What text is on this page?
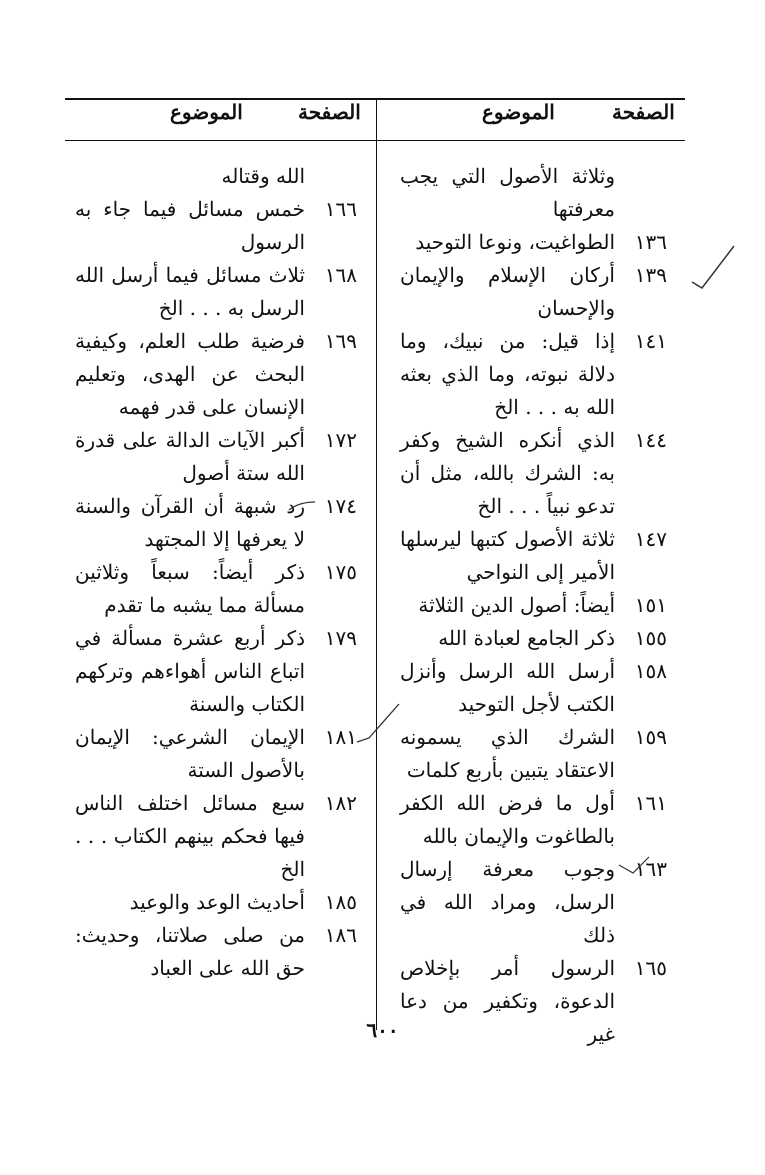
الصفحة
الموضوع
الصفحة
الموضوع
وثلاثة الأصول التي يجب معرفتها
١٣٦
الطواغيت، ونوعا التوحيد
١٣٩
أركان الإسلام والإيمان والإحسان
١٤١
إذا قيل: من نبيك، وما دلالة نبوته، وما الذي بعثه الله به . . . الخ
١٤٤
الذي أنكره الشيخ وكفر به: الشرك بالله، مثل أن تدعو نبياً . . . الخ
١٤٧
ثلاثة الأصول كتبها ليرسلها الأمير إلى النواحي
١٥١
أيضاً: أصول الدين الثلاثة
١٥٥
ذكر الجامع لعبادة الله
١٥٨
أرسل الله الرسل وأنزل الكتب لأجل التوحيد
١٥٩
الشرك الذي يسمونه الاعتقاد يتبين بأربع كلمات
١٦١
أول ما فرض الله الكفر بالطاغوت والإيمان بالله
١٦٣
وجوب معرفة إرسال الرسل، ومراد الله في ذلك
١٦٥
الرسول أمر بإخلاص الدعوة، وتكفير من دعا غير
الله وقتاله
١٦٦
خمس مسائل فيما جاء به الرسول
١٦٨
ثلاث مسائل فيما أرسل الله الرسل به . . . الخ
١٦٩
فرضية طلب العلم، وكيفية البحث عن الهدى، وتعليم الإنسان على قدر فهمه
١٧٢
أكبر الآيات الدالة على قدرة الله ستة أصول
١٧٤
رد شبهة أن القرآن والسنة لا يعرفها إلا المجتهد
١٧٥
ذكر أيضاً: سبعاً وثلاثين مسألة مما يشبه ما تقدم
١٧٩
ذكر أربع عشرة مسألة في اتباع الناس أهواءهم وتركهم الكتاب والسنة
١٨١
الإيمان الشرعي: الإيمان بالأصول الستة
١٨٢
سبع مسائل اختلف الناس فيها فحكم بينهم الكتاب . . . الخ
١٨٥
أحاديث الوعد والوعيد
١٨٦
من صلى صلاتنا، وحديث: حق الله على العباد
٦٠٠
